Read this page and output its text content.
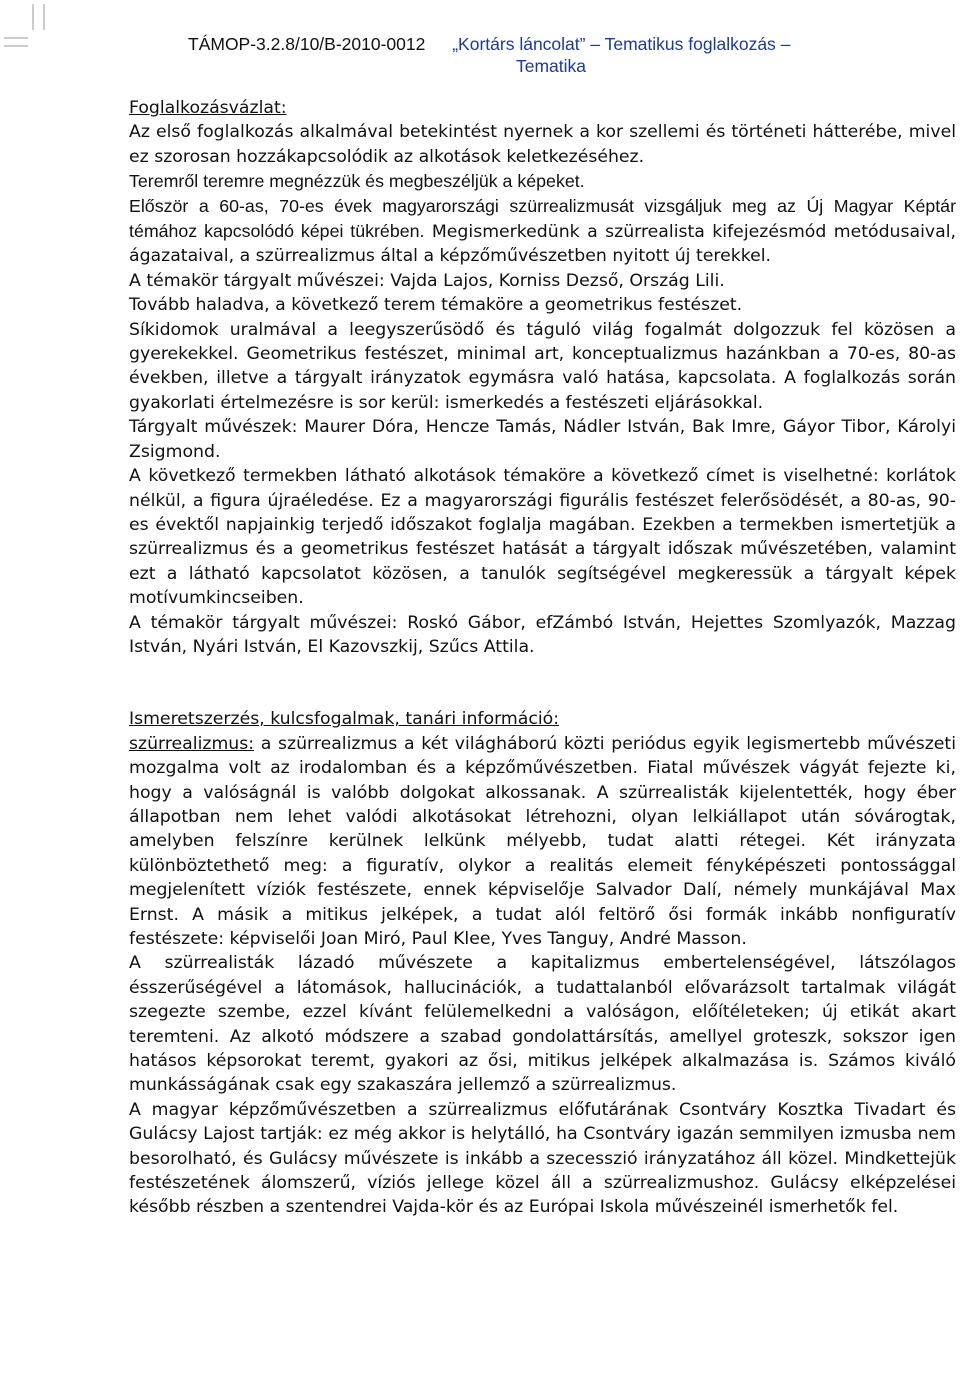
TÁMOP-3.2.8/10/B-2010-0012 „Kortárs láncolat” – Tematikus foglalkozás –
Tematika

Foglalkozásvázlat:

Az első foglalkozás alkalmával betekintést nyernek a kor szellemi és történeti hátterébe, mivel ez szorosan hozzákapcsolódik az alkotások keletkezéséhez.

Teremről teremre megnézzük és megbeszéljük a képeket.

Először a 60-as, 70-es évek magyarországi szürrealizmusát vizsgáljuk meg az Új Magyar Képtár témához kapcsolódó képei tükrében. Megismerkedünk a szürrealista kifejezésmód metódusaival, ágazataival, a szürrealizmus által a képzőművészetben nyitott új terekkel.

A témakör tárgyalt művészei: Vajda Lajos, Korniss Dezső, Ország Lili.

Tovább haladva, a következő terem témaköre a geometrikus festészet.

Síkidomok uralmával a leegyszerűsödő és táguló világ fogalmát dolgozzuk fel közösen a gyerekekkel. Geometrikus festészet, minimal art, konceptualizmus hazánkban a 70-es, 80-as években, illetve a tárgyalt irányzatok egymásra való hatása, kapcsolata. A foglalkozás során gyakorlati értelmezésre is sor kerül: ismerkedés a festészeti eljárásokkal.

Tárgyalt művészek: Maurer Dóra, Hencze Tamás, Nádler István, Bak Imre, Gáyor Tibor, Károlyi Zsigmond.

A következő termekben látható alkotások témaköre a következő címet is viselhetné: korlátok nélkül, a figura újraéledése. Ez a magyarországi figurális festészet felerősödését, a 80-as, 90-es évektől napjainkig terjedő időszakot foglalja magában. Ezekben a termekben ismertetjük a szürrealizmus és a geometrikus festészet hatását a tárgyalt időszak művészetében, valamint ezt a látható kapcsolatot közösen, a tanulók segítségével megkeressük a tárgyalt képek motívumkincseiben.

A témakör tárgyalt művészei: Roskó Gábor, efZámbó István, Hejettes Szomlyazók, Mazzag István, Nyári István, El Kazovszkij, Szűcs Attila.

Ismeretszerzés, kulcsfogalmak, tanári információ:

szürrealizmus: a szürrealizmus a két világháború közti periódus egyik legismertebb művészeti mozgalma volt az irodalomban és a képzőművészetben. Fiatal művészek vágyát fejezte ki, hogy a valóságnál is valóbb dolgokat alkossanak. A szürrealisták kijelentették, hogy éber állapotban nem lehet valódi alkotásokat létrehozni, olyan lelkiállapot után sóvárogtak, amelyben felszínre kerülnek lelkünk mélyebb, tudat alatti rétegei. Két irányzata különböztethető meg: a figuratív, olykor a realitás elemeit fényképészeti pontossággal megjelenített víziók festészete, ennek képviselője Salvador Dalí, némely munkájával Max Ernst. A másik a mitikus jelképek, a tudat alól feltörő ősi formák inkább nonfiguratív festészete: képviselői Joan Miró, Paul Klee, Yves Tanguy, André Masson.

A szürrealisták lázadó művészete a kapitalizmus embertelenségével, látszólagos ésszerűségével a látomások, hallucinációk, a tudattalanból elővarázsolt tartalmak világát szegezte szembe, ezzel kívánt felülemelkedni a valóságon, előítéleteken; új etikát akart teremteni. Az alkotó módszere a szabad gondolattársítás, amellyel groteszk, sokszor igen hatásos képsorokat teremt, gyakori az ősi, mitikus jelképek alkalmazása is. Számos kiváló munkásságának csak egy szakaszára jellemző a szürrealizmus.

A magyar képzőművészetben a szürrealizmus előfutárának Csontváry Kosztka Tivadart és Gulácsy Lajost tartják: ez még akkor is helytálló, ha Csontváry igazán semmilyen izmusba nem besorolható, és Gulácsy művészete is inkább a szecesszió irányzatához áll közel. Mindkettejük festészetének álomszerű, víziós jellege közel áll a szürrealizmushoz. Gulácsy elképzelései később részben a szentendrei Vajda-kör és az Európai Iskola művészeinél ismerhetők fel.
